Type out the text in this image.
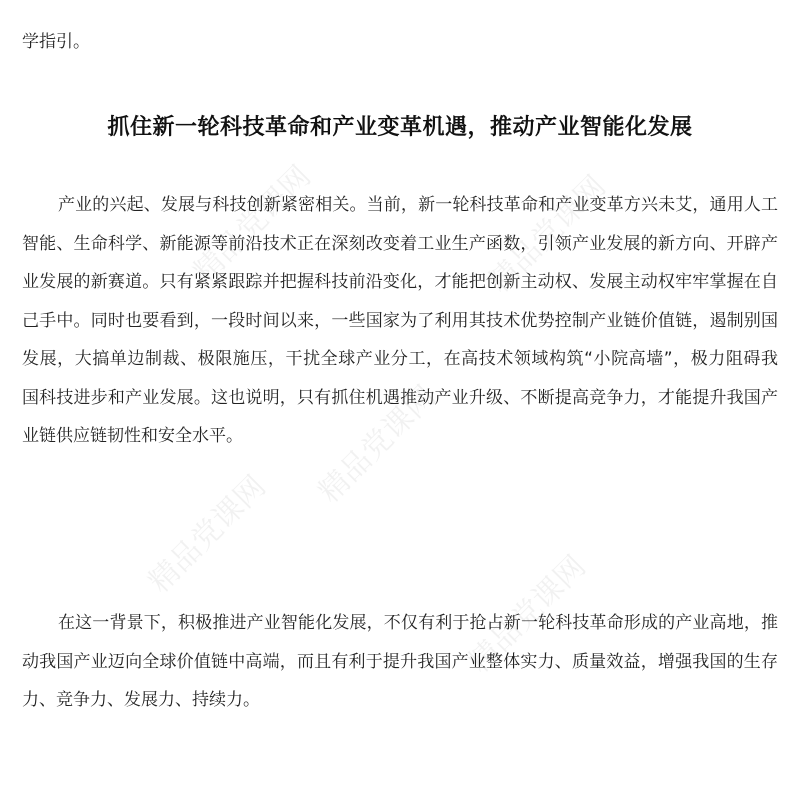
精品党课网
精品党课网
精品党课网
精品党课网
精品党课网
学指引。
抓住新一轮科技革命和产业变革机遇，推动产业智能化发展
产业的兴起、发展与科技创新紧密相关。当前，新一轮科技革命和产业变革方兴未艾，通用人工
智能、生命科学、新能源等前沿技术正在深刻改变着工业生产函数，引领产业发展的新方向、开辟产
业发展的新赛道。只有紧紧跟踪并把握科技前沿变化，才能把创新主动权、发展主动权牢牢掌握在自
己手中。同时也要看到，一段时间以来，一些国家为了利用其技术优势控制产业链价值链，遏制别国
发展，大搞单边制裁、极限施压，干扰全球产业分工，在高技术领域构筑“小院高墙”，极力阻碍我
国科技进步和产业发展。这也说明，只有抓住机遇推动产业升级、不断提高竞争力，才能提升我国产
业链供应链韧性和安全水平。
在这一背景下，积极推进产业智能化发展，不仅有利于抢占新一轮科技革命形成的产业高地，推
动我国产业迈向全球价值链中高端，而且有利于提升我国产业整体实力、质量效益，增强我国的生存
力、竞争力、发展力、持续力。
